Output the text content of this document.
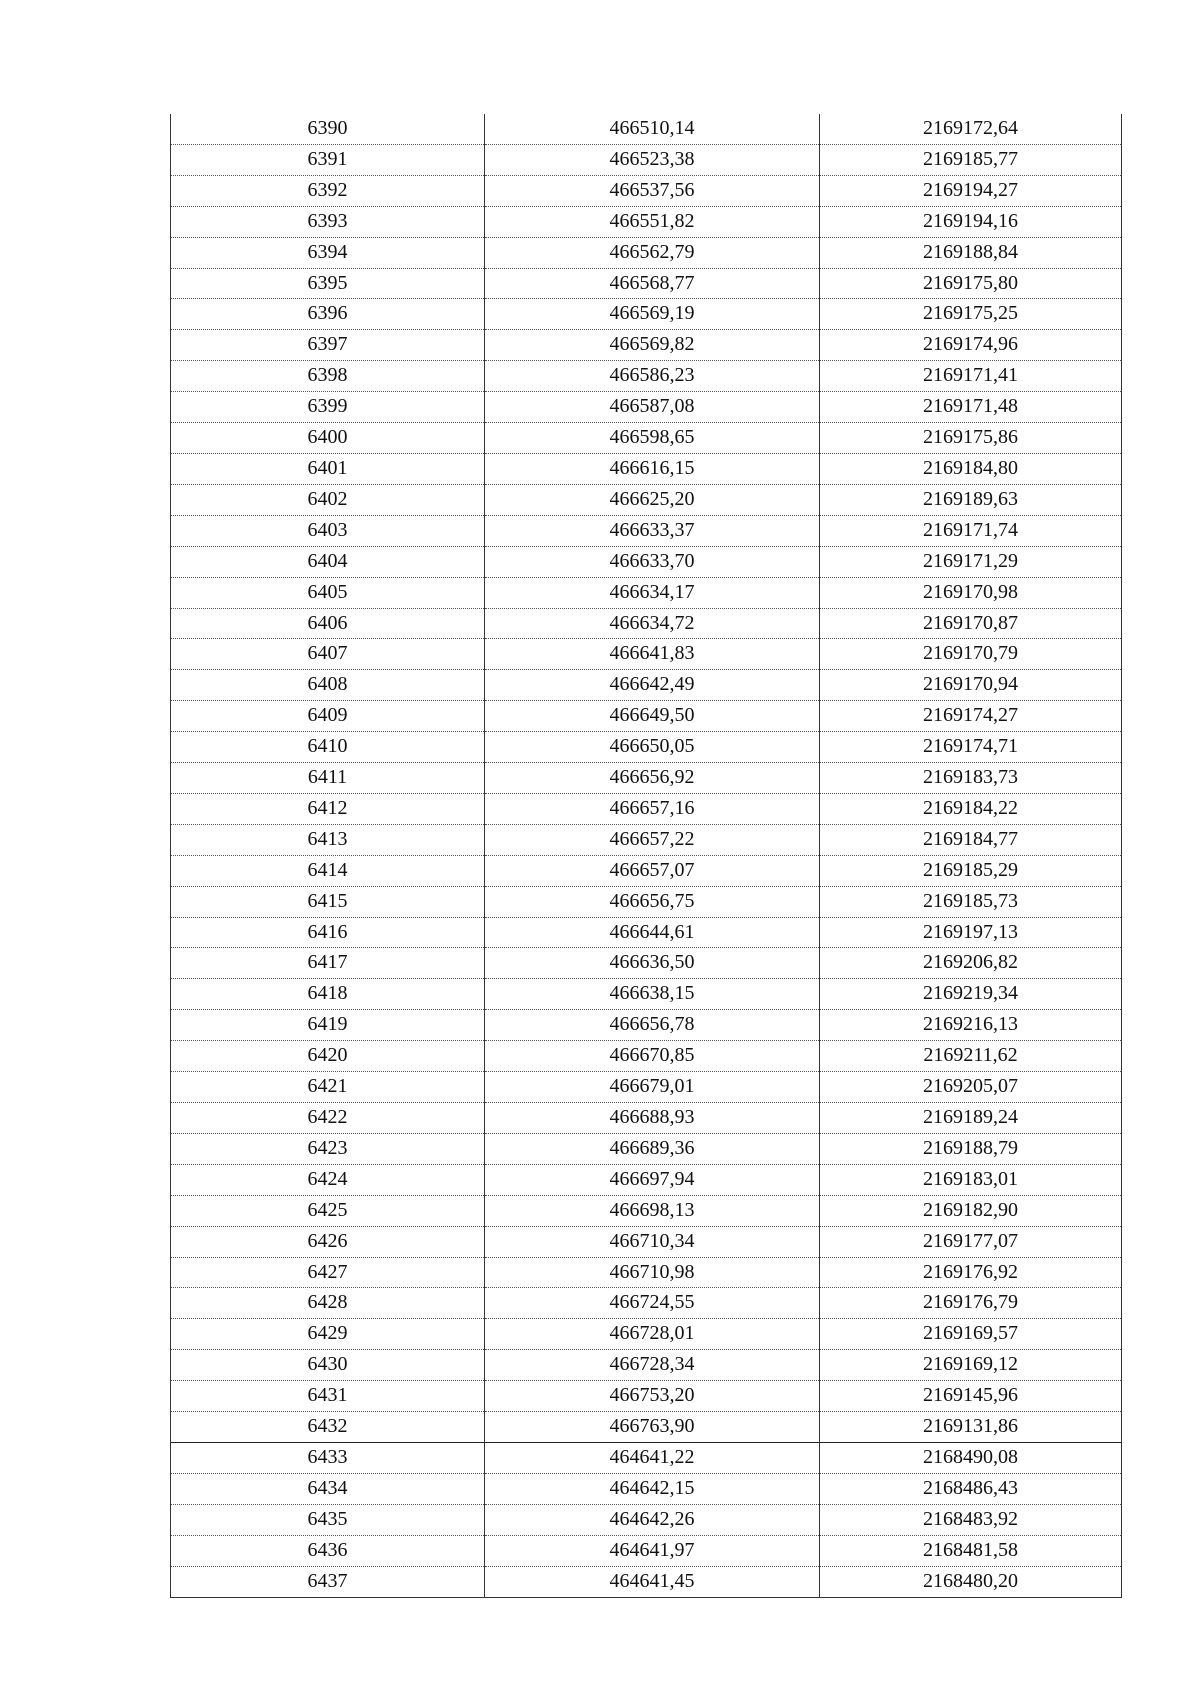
6390	466510,14	2169172,64
6391	466523,38	2169185,77
6392	466537,56	2169194,27
6393	466551,82	2169194,16
6394	466562,79	2169188,84
6395	466568,77	2169175,80
6396	466569,19	2169175,25
6397	466569,82	2169174,96
6398	466586,23	2169171,41
6399	466587,08	2169171,48
6400	466598,65	2169175,86
6401	466616,15	2169184,80
6402	466625,20	2169189,63
6403	466633,37	2169171,74
6404	466633,70	2169171,29
6405	466634,17	2169170,98
6406	466634,72	2169170,87
6407	466641,83	2169170,79
6408	466642,49	2169170,94
6409	466649,50	2169174,27
6410	466650,05	2169174,71
6411	466656,92	2169183,73
6412	466657,16	2169184,22
6413	466657,22	2169184,77
6414	466657,07	2169185,29
6415	466656,75	2169185,73
6416	466644,61	2169197,13
6417	466636,50	2169206,82
6418	466638,15	2169219,34
6419	466656,78	2169216,13
6420	466670,85	2169211,62
6421	466679,01	2169205,07
6422	466688,93	2169189,24
6423	466689,36	2169188,79
6424	466697,94	2169183,01
6425	466698,13	2169182,90
6426	466710,34	2169177,07
6427	466710,98	2169176,92
6428	466724,55	2169176,79
6429	466728,01	2169169,57
6430	466728,34	2169169,12
6431	466753,20	2169145,96
6432	466763,90	2169131,86
6433	464641,22	2168490,08
6434	464642,15	2168486,43
6435	464642,26	2168483,92
6436	464641,97	2168481,58
6437	464641,45	2168480,20
